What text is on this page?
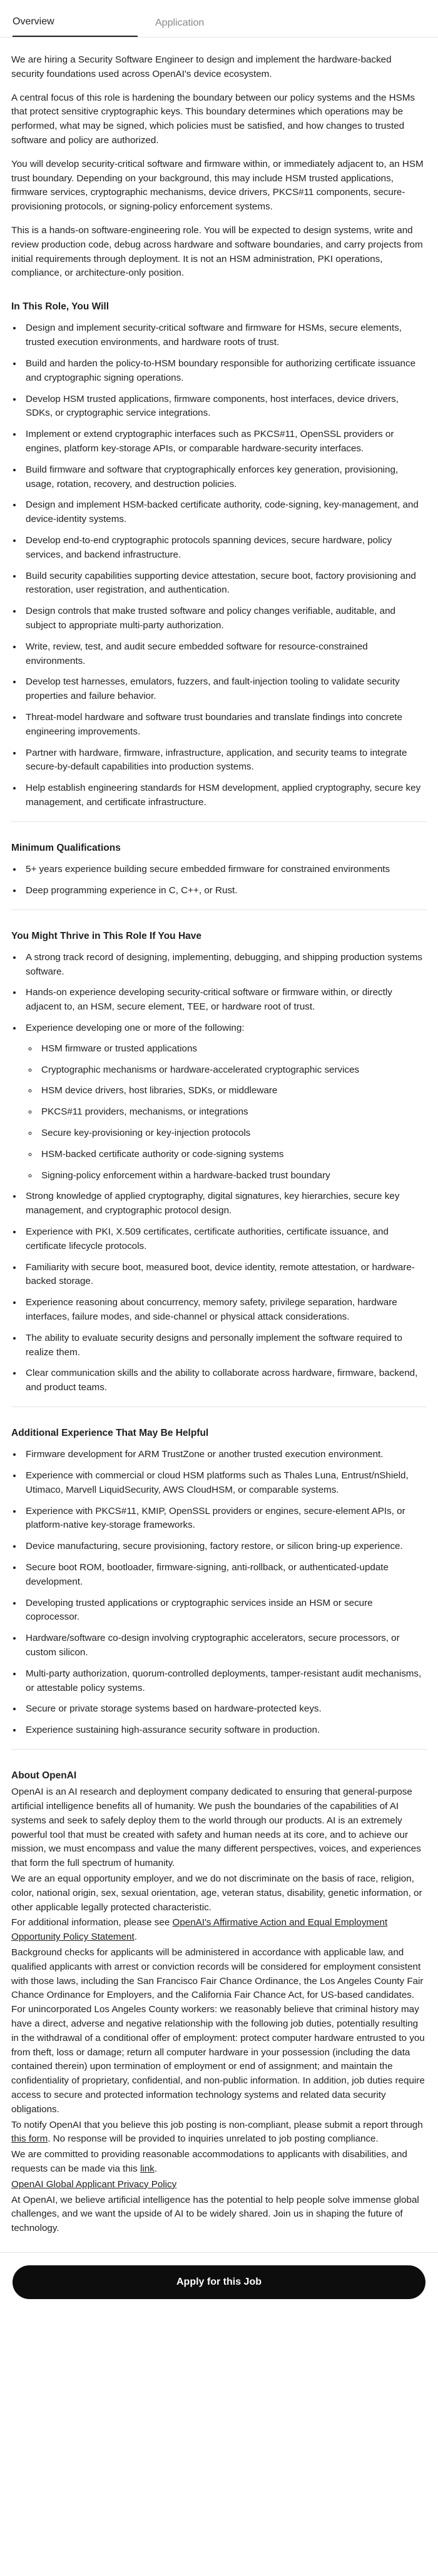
Overview	Application

We are hiring a Security Software Engineer to design and implement the hardware-backed security foundations used across OpenAI's device ecosystem.

A central focus of this role is hardening the boundary between our policy systems and the HSMs that protect sensitive cryptographic keys. This boundary determines which operations may be performed, what may be signed, which policies must be satisfied, and how changes to trusted software and policy are authorized.

You will develop security-critical software and firmware within, or immediately adjacent to, an HSM trust boundary. Depending on your background, this may include HSM trusted applications, firmware services, cryptographic mechanisms, device drivers, PKCS#11 components, secure-provisioning protocols, or signing-policy enforcement systems.

This is a hands-on software-engineering role. You will be expected to design systems, write and review production code, debug across hardware and software boundaries, and carry projects from initial requirements through deployment. It is not an HSM administration, PKI operations, compliance, or architecture-only position.

In This Role, You Will
• Design and implement security-critical software and firmware for HSMs, secure elements, trusted execution environments, and hardware roots of trust.
• Build and harden the policy-to-HSM boundary responsible for authorizing certificate issuance and cryptographic signing operations.
• Develop HSM trusted applications, firmware components, host interfaces, device drivers, SDKs, or cryptographic service integrations.
• Implement or extend cryptographic interfaces such as PKCS#11, OpenSSL providers or engines, platform key-storage APIs, or comparable hardware-security interfaces.
• Build firmware and software that cryptographically enforces key generation, provisioning, usage, rotation, recovery, and destruction policies.
• Design and implement HSM-backed certificate authority, code-signing, key-management, and device-identity systems.
• Develop end-to-end cryptographic protocols spanning devices, secure hardware, policy services, and backend infrastructure.
• Build security capabilities supporting device attestation, secure boot, factory provisioning and restoration, user registration, and authentication.
• Design controls that make trusted software and policy changes verifiable, auditable, and subject to appropriate multi-party authorization.
• Write, review, test, and audit secure embedded software for resource-constrained environments.
• Develop test harnesses, emulators, fuzzers, and fault-injection tooling to validate security properties and failure behavior.
• Threat-model hardware and software trust boundaries and translate findings into concrete engineering improvements.
• Partner with hardware, firmware, infrastructure, application, and security teams to integrate secure-by-default capabilities into production systems.
• Help establish engineering standards for HSM development, applied cryptography, secure key management, and certificate infrastructure.
Minimum Qualifications
• 5+ years experience building secure embedded firmware for constrained environments
• Deep programming experience in C, C++, or Rust.
You Might Thrive in This Role If You Have
• A strong track record of designing, implementing, debugging, and shipping production systems software.
• Hands-on experience developing security-critical software or firmware within, or directly adjacent to, an HSM, secure element, TEE, or hardware root of trust.
• Experience developing one or more of the following:
◦ HSM firmware or trusted applications
◦ Cryptographic mechanisms or hardware-accelerated cryptographic services
◦ HSM device drivers, host libraries, SDKs, or middleware
◦ PKCS#11 providers, mechanisms, or integrations
◦ Secure key-provisioning or key-injection protocols
◦ HSM-backed certificate authority or code-signing systems
◦ Signing-policy enforcement within a hardware-backed trust boundary
• Strong knowledge of applied cryptography, digital signatures, key hierarchies, secure key management, and cryptographic protocol design.
• Experience with PKI, X.509 certificates, certificate authorities, certificate issuance, and certificate lifecycle protocols.
• Familiarity with secure boot, measured boot, device identity, remote attestation, or hardware-backed storage.
• Experience reasoning about concurrency, memory safety, privilege separation, hardware interfaces, failure modes, and side-channel or physical attack considerations.
• The ability to evaluate security designs and personally implement the software required to realize them.
• Clear communication skills and the ability to collaborate across hardware, firmware, backend, and product teams.
Additional Experience That May Be Helpful
• Firmware development for ARM TrustZone or another trusted execution environment.
• Experience with commercial or cloud HSM platforms such as Thales Luna, Entrust/nShield, Utimaco, Marvell LiquidSecurity, AWS CloudHSM, or comparable systems.
• Experience with PKCS#11, KMIP, OpenSSL providers or engines, secure-element APIs, or platform-native key-storage frameworks.
• Device manufacturing, secure provisioning, factory restore, or silicon bring-up experience.
• Secure boot ROM, bootloader, firmware-signing, anti-rollback, or authenticated-update development.
• Developing trusted applications or cryptographic services inside an HSM or secure coprocessor.
• Hardware/software co-design involving cryptographic accelerators, secure processors, or custom silicon.
• Multi-party authorization, quorum-controlled deployments, tamper-resistant audit mechanisms, or attestable policy systems.
• Secure or private storage systems based on hardware-protected keys.
• Experience sustaining high-assurance security software in production.
About OpenAI

OpenAI is an AI research and deployment company dedicated to ensuring that general-purpose artificial intelligence benefits all of humanity. We push the boundaries of the capabilities of AI systems and seek to safely deploy them to the world through our products. AI is an extremely powerful tool that must be created with safety and human needs at its core, and to achieve our mission, we must encompass and value the many different perspectives, voices, and experiences that form the full spectrum of humanity.

We are an equal opportunity employer, and we do not discriminate on the basis of race, religion, color, national origin, sex, sexual orientation, age, veteran status, disability, genetic information, or other applicable legally protected characteristic.

For additional information, please see OpenAI's Affirmative Action and Equal Employment Opportunity Policy Statement.

Background checks for applicants will be administered in accordance with applicable law, and qualified applicants with arrest or conviction records will be considered for employment consistent with those laws, including the San Francisco Fair Chance Ordinance, the Los Angeles County Fair Chance Ordinance for Employers, and the California Fair Chance Act, for US-based candidates. For unincorporated Los Angeles County workers: we reasonably believe that criminal history may have a direct, adverse and negative relationship with the following job duties, potentially resulting in the withdrawal of a conditional offer of employment: protect computer hardware entrusted to you from theft, loss or damage; return all computer hardware in your possession (including the data contained therein) upon termination of employment or end of assignment; and maintain the confidentiality of proprietary, confidential, and non-public information. In addition, job duties require access to secure and protected information technology systems and related data security obligations.

To notify OpenAI that you believe this job posting is non-compliant, please submit a report through this form. No response will be provided to inquiries unrelated to job posting compliance.

We are committed to providing reasonable accommodations to applicants with disabilities, and requests can be made via this link.

OpenAI Global Applicant Privacy Policy

At OpenAI, we believe artificial intelligence has the potential to help people solve immense global challenges, and we want the upside of AI to be widely shared. Join us in shaping the future of technology.

Apply for this Job
